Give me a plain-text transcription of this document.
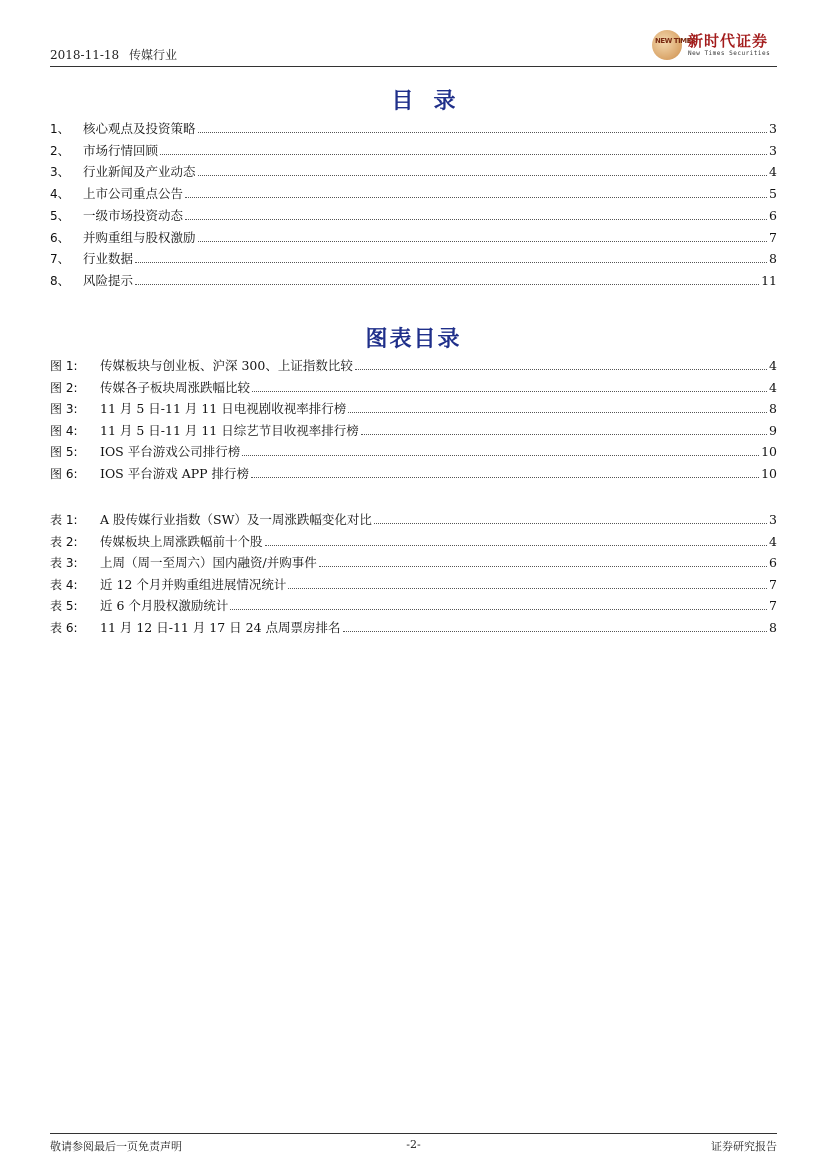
2018-11-18 传媒行业
NEW TIMES
新时代证券
New Times Securities
目录
1、	核心观点及投资策略	3
2、	市场行情回顾	3
3、	行业新闻及产业动态	4
4、	上市公司重点公告	5
5、	一级市场投资动态	6
6、	并购重组与股权激励	7
7、	行业数据	8
8、	风险提示	11
图表目录
图 1:	传媒板块与创业板、沪深 300、上证指数比较	4
图 2:	传媒各子板块周涨跌幅比较	4
图 3:	11 月 5 日-11 月 11 日电视剧收视率排行榜	8
图 4:	11 月 5 日-11 月 11 日综艺节目收视率排行榜	9
图 5:	IOS 平台游戏公司排行榜	10
图 6:	IOS 平台游戏 APP 排行榜	10
表 1:	A 股传媒行业指数（SW）及一周涨跌幅变化对比	3
表 2:	传媒板块上周涨跌幅前十个股	4
表 3:	上周（周一至周六）国内融资/并购事件	6
表 4:	近 12 个月并购重组进展情况统计	7
表 5:	近 6 个月股权激励统计	7
表 6:	11 月 12 日-11 月 17 日 24 点周票房排名	8
敬请参阅最后一页免责声明	-2-	证券研究报告
